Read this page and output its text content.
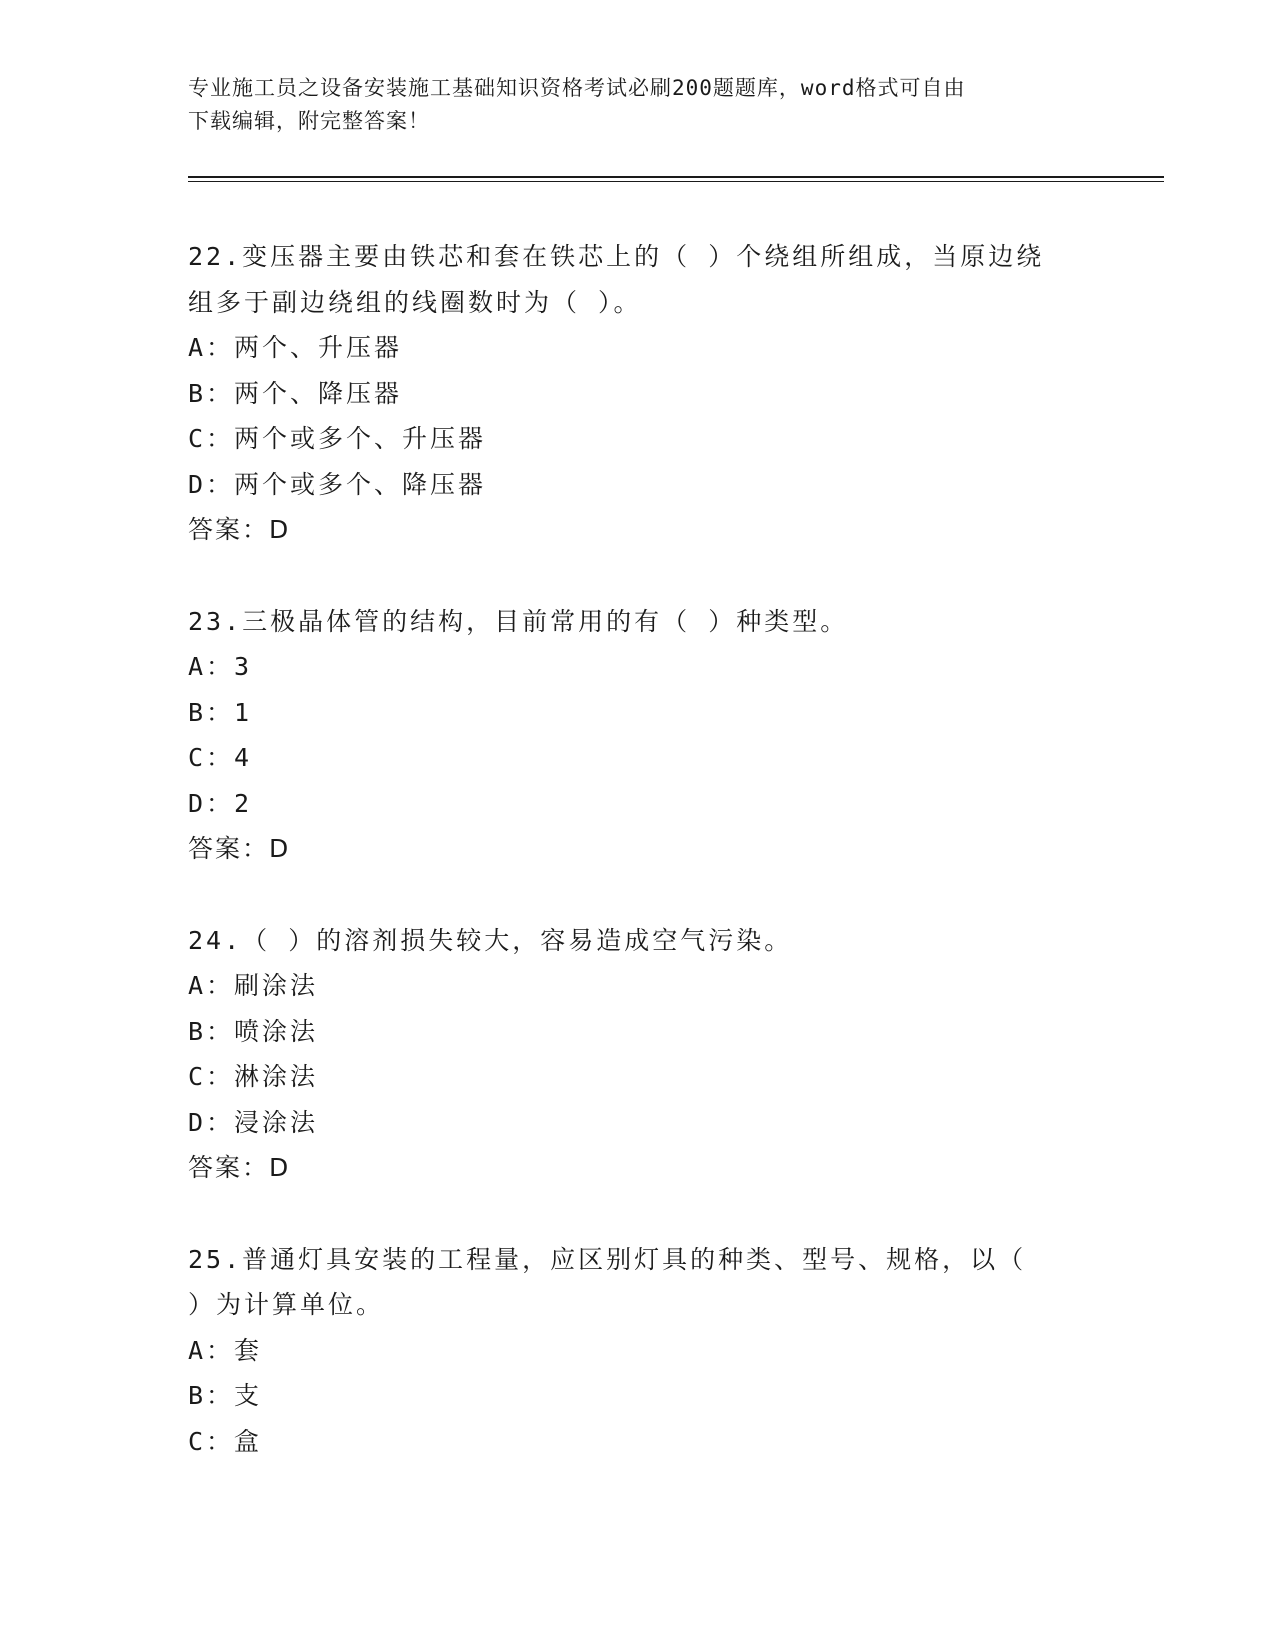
专业施工员之设备安装施工基础知识资格考试必刷200题题库，word格式可自由
下载编辑，附完整答案！

22.变压器主要由铁芯和套在铁芯上的（ ）个绕组所组成，当原边绕

组多于副边绕组的线圈数时为（ ）。

A：两个、升压器

B：两个、降压器

C：两个或多个、升压器

D：两个或多个、降压器

答案：D

23.三极晶体管的结构，目前常用的有（ ）种类型。

A：3

B：1

C：4

D：2

答案：D

24.（ ）的溶剂损失较大，容易造成空气污染。

A：刷涂法

B：喷涂法

C：淋涂法

D：浸涂法

答案：D

25.普通灯具安装的工程量，应区别灯具的种类、型号、规格，以（

）为计算单位。

A：套

B：支

C：盒
